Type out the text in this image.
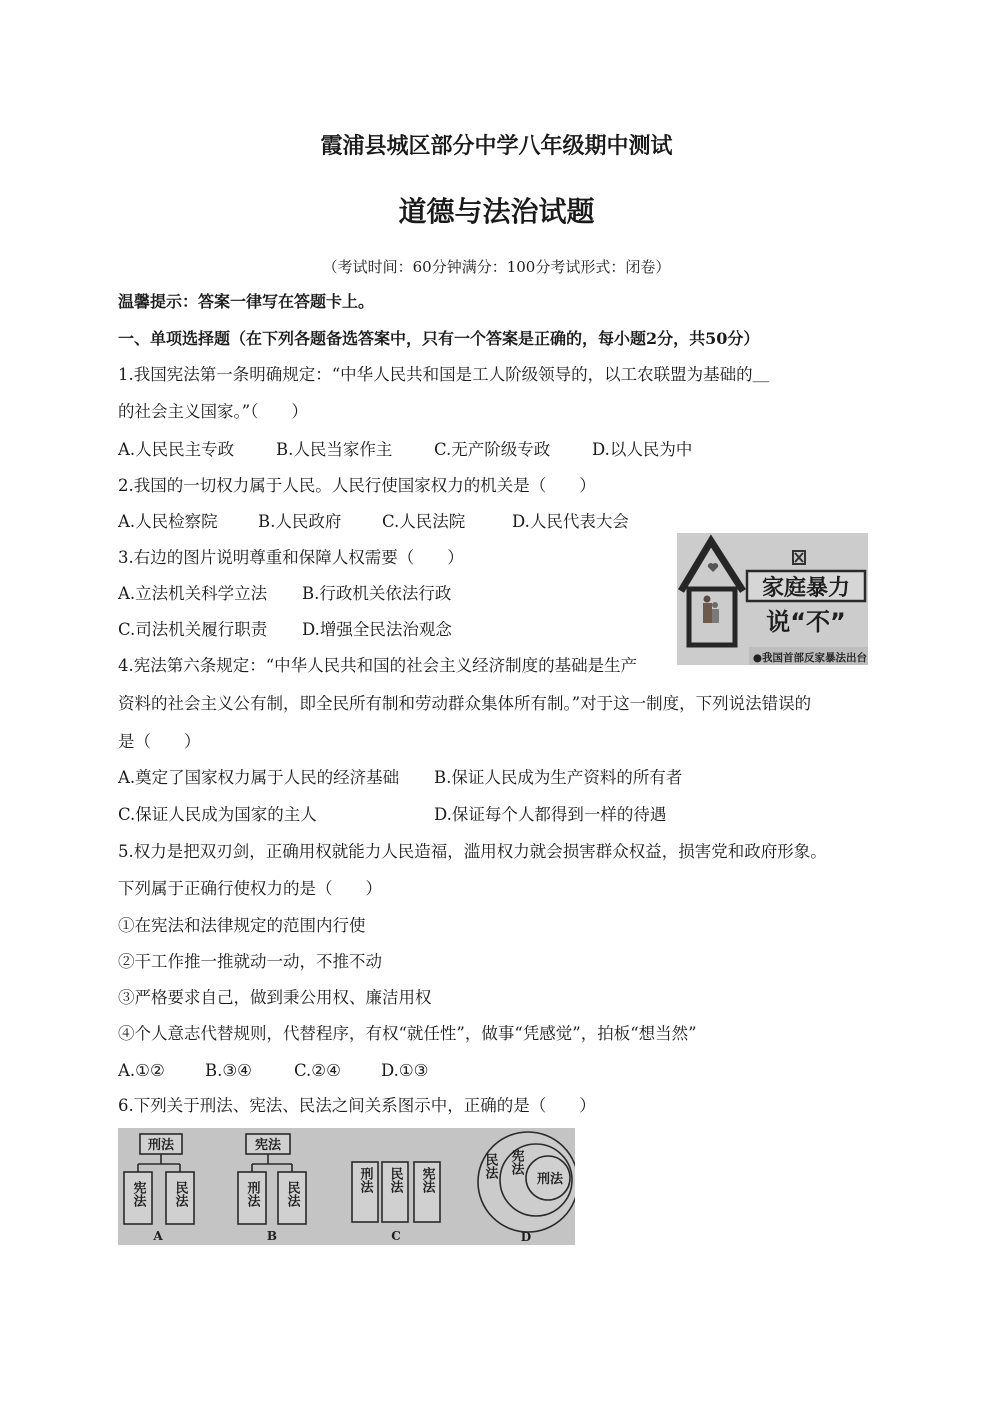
霞浦县城区部分中学八年级期中测试
道德与法治试题
（考试时间：60分钟满分：100分考试形式：闭卷）
温馨提示：答案一律写在答题卡上。
一、单项选择题（在下列各题备选答案中，只有一个答案是正确的，每小题2分，共50分）
1.我国宪法第一条明确规定：“中华人民共和国是工人阶级领导的，以工农联盟为基础的＿
的社会主义国家。”（　　）
A.人民民主专政	B.人民当家作主	C.无产阶级专政	D.以人民为中
2.我国的一切权力属于人民。人民行使国家权力的机关是（　　）
A.人民检察院 B.人民政府 C.人民法院	D.人民代表大会
3.右边的图片说明尊重和保障人权需要（　　）
A.立法机关科学立法 B.行政机关依法行政
C.司法机关履行职责 D.增强全民法治观念
家庭暴力
说“不”
●我国首部反家暴法出台
4.宪法第六条规定：“中华人民共和国的社会主义经济制度的基础是生产
资料的社会主义公有制，即全民所有制和劳动群众集体所有制。”对于这一制度，下列说法错误的
是（　　）
A.奠定了国家权力属于人民的经济基础 B.保证人民成为生产资料的所有者
C.保证人民成为国家的主人	D.保证每个人都得到一样的待遇
5.权力是把双刃剑，正确用权就能力人民造福，滥用权力就会损害群众权益，损害党和政府形象。
下列属于正确行使权力的是（　　）
①在宪法和法律规定的范围内行使
②干工作推一推就动一动，不推不动
③严格要求自己，做到秉公用权、廉洁用权
④个人意志代替规则，代替程序，有权“就任性”，做事“凭感觉”，拍板“想当然”
A.①② B.③④	C.②④ D.①③
6.下列关于刑法、宪法、民法之间关系图示中，正确的是（　　）
刑法
宪法 民法
A
宪法
刑法 民法
B
刑法 民法 宪法
C
民法 宪法
刑法
D
